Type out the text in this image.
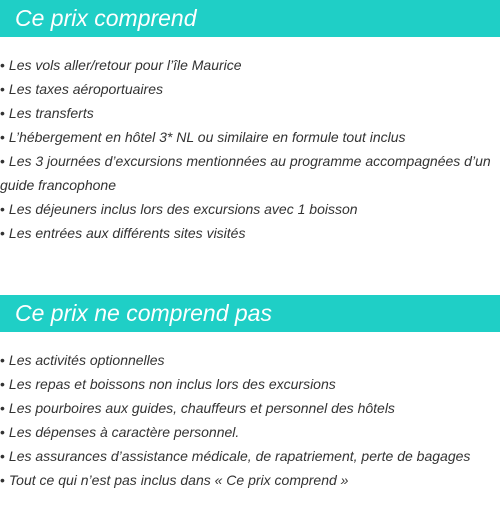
Ce prix comprend
• Les vols aller/retour pour l’île Maurice
• Les taxes aéroportuaires
• Les transferts
• L’hébergement en hôtel 3* NL ou similaire en formule tout inclus
• Les 3 journées d’excursions mentionnées au programme accompagnées d’un guide francophone
• Les déjeuners inclus lors des excursions avec 1 boisson
• Les entrées aux différents sites visités
Ce prix ne comprend pas
• Les activités optionnelles
• Les repas et boissons non inclus lors des excursions
• Les pourboires aux guides, chauffeurs et personnel des hôtels
• Les dépenses à caractère personnel.
• Les assurances d’assistance médicale, de rapatriement, perte de bagages
• Tout ce qui n’est pas inclus dans « Ce prix comprend »
